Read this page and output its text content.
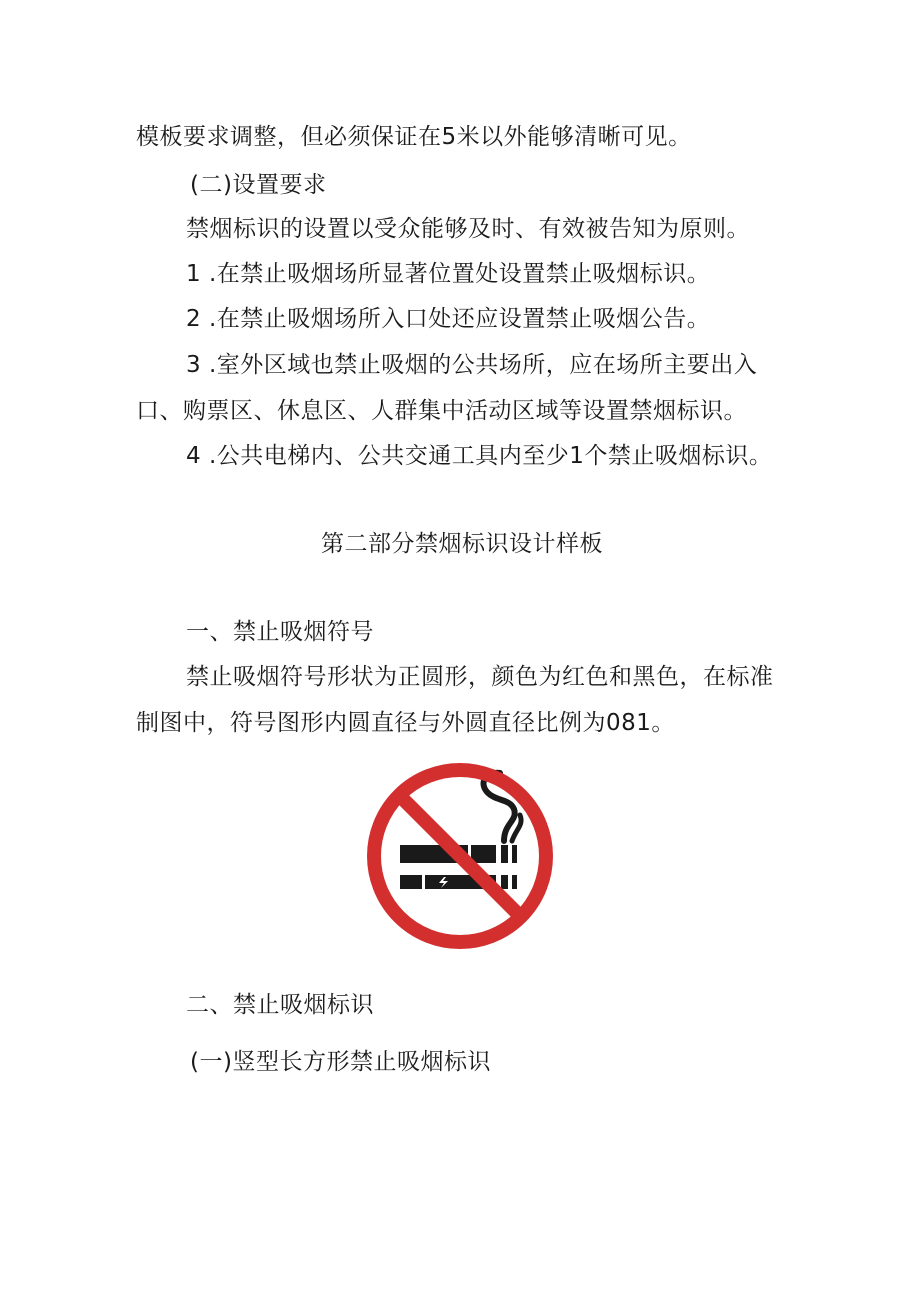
模板要求调整，但必须保证在5米以外能够清晰可见。
(二)设置要求
禁烟标识的设置以受众能够及时、有效被告知为原则。
1 .在禁止吸烟场所显著位置处设置禁止吸烟标识。
2 .在禁止吸烟场所入口处还应设置禁止吸烟公告。
3 .室外区域也禁止吸烟的公共场所，应在场所主要出入
口、购票区、休息区、人群集中活动区域等设置禁烟标识。
4 .公共电梯内、公共交通工具内至少1个禁止吸烟标识。
第二部分禁烟标识设计样板
一、禁止吸烟符号
禁止吸烟符号形状为正圆形，颜色为红色和黑色，在标准
制图中，符号图形内圆直径与外圆直径比例为081。
二、禁止吸烟标识
(一)竖型长方形禁止吸烟标识
